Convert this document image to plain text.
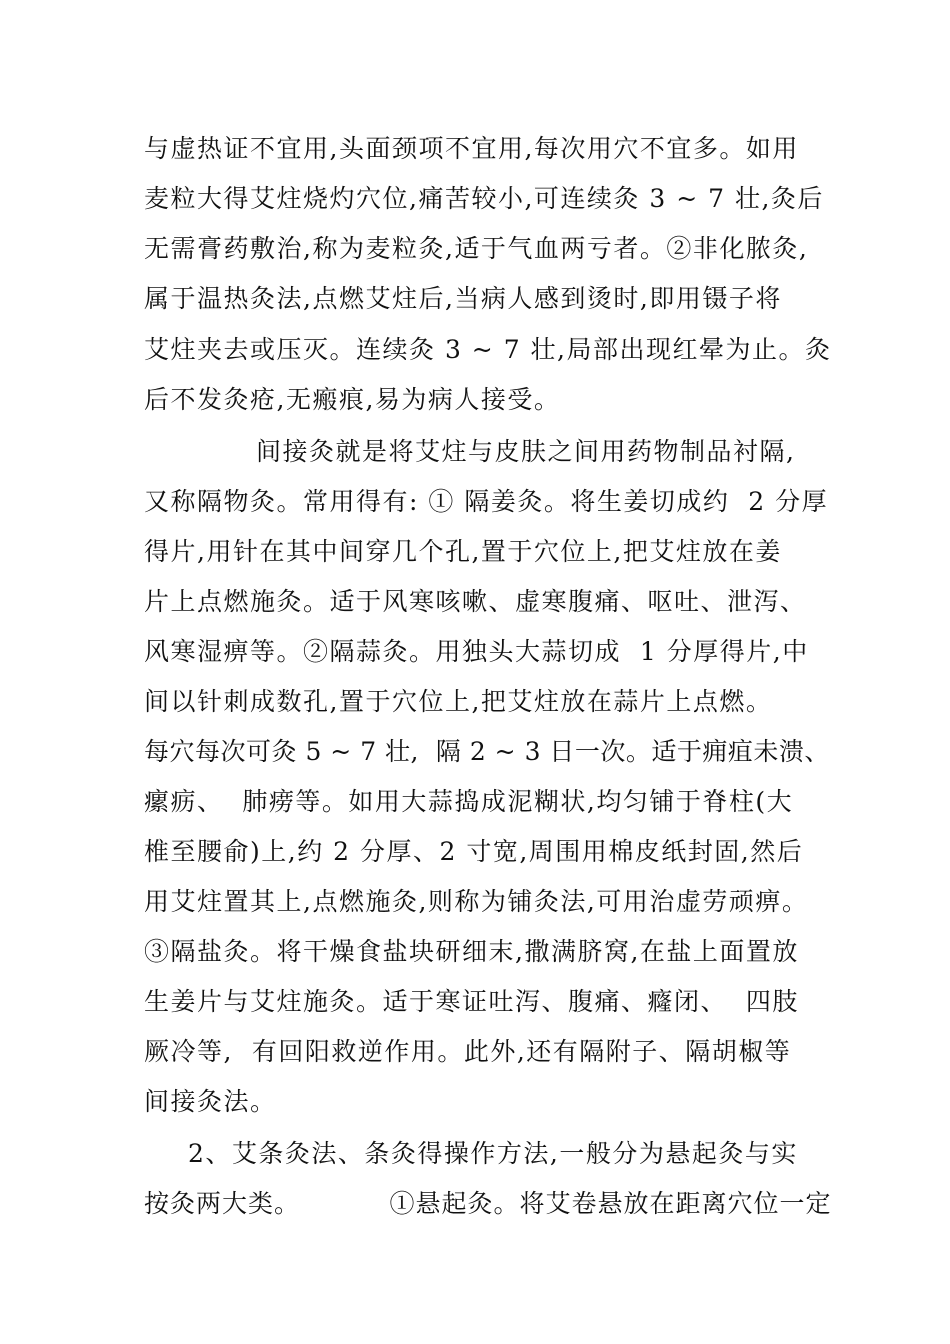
与虚热证不宜用,头面颈项不宜用,每次用穴不宜多。如用
麦粒大得艾炷烧灼穴位,痛苦较小,可连续灸 3 ~ 7 壮,灸后
无需膏药敷治,称为麦粒灸,适于气血两亏者。②非化脓灸,
属于温热灸法,点燃艾炷后,当病人感到烫时,即用镊子将
艾炷夹去或压灭。连续灸 3 ~ 7 壮,局部出现红晕为止。灸
后不发灸疮,无瘢痕,易为病人接受。
间接灸就是将艾炷与皮肤之间用药物制品衬隔,
又称隔物灸。常用得有: ① 隔姜灸。将生姜切成约  2 分厚
得片,用针在其中间穿几个孔,置于穴位上,把艾炷放在姜
片上点燃施灸。适于风寒咳嗽、虚寒腹痛、呕吐、泄泻、
风寒湿痹等。②隔蒜灸。用独头大蒜切成  1 分厚得片,中
间以针刺成数孔,置于穴位上,把艾炷放在蒜片上点燃。
每穴每次可灸 5 ~ 7 壮,  隔 2 ~ 3 日一次。适于痈疽未溃、
瘰疬、  肺痨等。如用大蒜捣成泥糊状,均匀铺于脊柱(大
椎至腰俞)上,约 2 分厚、2 寸宽,周围用棉皮纸封固,然后
用艾炷置其上,点燃施灸,则称为铺灸法,可用治虚劳顽痹。
③隔盐灸。将干燥食盐块研细末,撒满脐窝,在盐上面置放
生姜片与艾炷施灸。适于寒证吐泻、腹痛、癃闭、  四肢
厥冷等,  有回阳救逆作用。此外,还有隔附子、隔胡椒等
间接灸法。
2、艾条灸法、条灸得操作方法,一般分为悬起灸与实
按灸两大类。          ①悬起灸。将艾卷悬放在距离穴位一定
